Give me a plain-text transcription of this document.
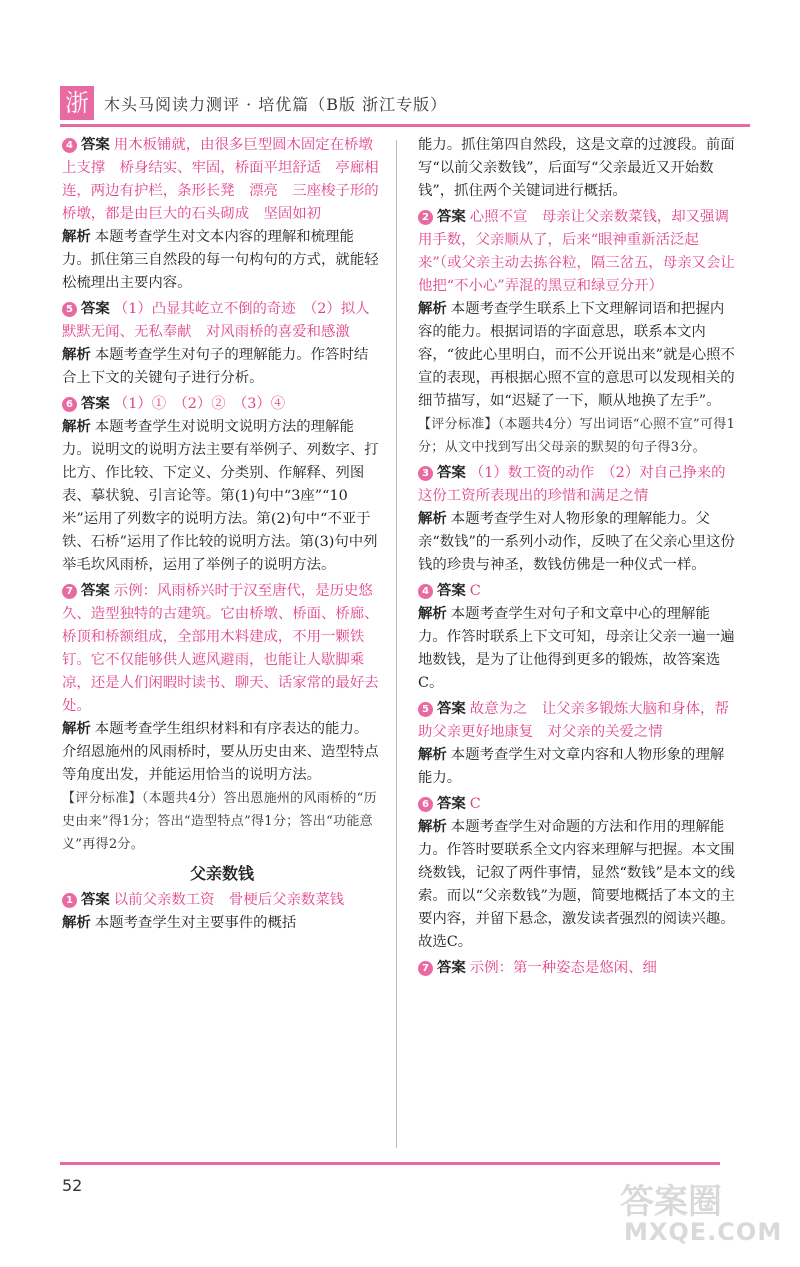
浙 木头马阅读力测评 · 培优篇（B版 浙江专版）
4 答案 用木板铺就，由很多巨型圆木固定在桥墩上支撑　桥身结实、牢固，桥面平坦舒适　亭廊相连，两边有护栏，条形长凳　漂亮　三座梭子形的桥墩，都是由巨大的石头砌成　坚固如初
解析 本题考查学生对文本内容的理解和梳理能力。抓住第三自然段的每一句构句的方式，就能轻松梳理出主要内容。
5 答案 （1）凸显其屹立不倒的奇迹　（2）拟人　默默无闻、无私奉献　对风雨桥的喜爱和感激
解析 本题考查学生对句子的理解能力。作答时结合上下文的关键句子进行分析。
6 答案 （1）①　（2）②　（3）④
解析 本题考查学生对说明文说明方法的理解能力。说明文的说明方法主要有举例子、列数字、打比方、作比较、下定义、分类别、作解释、列图表、摹状貌、引言论等。第(1)句中“3座”“10米”运用了列数字的说明方法。第(2)句中“不亚于铁、石桥”运用了作比较的说明方法。第(3)句中列举毛坎风雨桥，运用了举例子的说明方法。
7 答案 示例：风雨桥兴时于汉至唐代，是历史悠久、造型独特的古建筑。它由桥墩、桥面、桥廊、桥顶和桥额组成，全部用木料建成，不用一颗铁钉。它不仅能够供人遮风避雨，也能让人歇脚乘凉，还是人们闲暇时读书、聊天、话家常的最好去处。
解析 本题考查学生组织材料和有序表达的能力。介绍恩施州的风雨桥时，要从历史由来、造型特点等角度出发，并能运用恰当的说明方法。
【评分标准】（本题共4分）答出恩施州的风雨桥的“历史由来”得1分；答出“造型特点”得1分；答出“功能意义”再得2分。
父亲数钱
1 答案 以前父亲数工资　骨梗后父亲数菜钱
解析 本题考查学生对主要事件的概括
能力。抓住第四自然段，这是文章的过渡段。前面写“以前父亲数钱”，后面写“父亲最近又开始数钱”，抓住两个关键词进行概括。
2 答案 心照不宣　母亲让父亲数菜钱，却又强调用手数，父亲顺从了，后来“眼神重新活泛起来”（或父亲主动去拣谷粒，隔三岔五，母亲又会让他把“不小心”弄混的黑豆和绿豆分开）
解析 本题考查学生联系上下文理解词语和把握内容的能力。根据词语的字面意思，联系本文内容，“彼此心里明白，而不公开说出来”就是心照不宣的表现，再根据心照不宣的意思可以发现相关的细节描写，如“迟疑了一下，顺从地换了左手”。
【评分标准】（本题共4分）写出词语“心照不宣”可得1分；从文中找到写出父母亲的默契的句子得3分。
3 答案 （1）数工资的动作　（2）对自己挣来的这份工资所表现出的珍惜和满足之情
解析 本题考查学生对人物形象的理解能力。父亲“数钱”的一系列小动作，反映了在父亲心里这份钱的珍贵与神圣，数钱仿佛是一种仪式一样。
4 答案 C
解析 本题考查学生对句子和文章中心的理解能力。作答时联系上下文可知，母亲让父亲一遍一遍地数钱，是为了让他得到更多的锻炼，故答案选C。
5 答案 故意为之　让父亲多锻炼大脑和身体，帮助父亲更好地康复　对父亲的关爱之情
解析 本题考查学生对文章内容和人物形象的理解能力。
6 答案 C
解析 本题考查学生对命题的方法和作用的理解能力。作答时要联系全文内容来理解与把握。本文围绕数钱，记叙了两件事情，显然“数钱”是本文的线索。而以“父亲数钱”为题，简要地概括了本文的主要内容，并留下悬念，激发读者强烈的阅读兴趣。故选C。
7 答案 示例：第一种姿态是悠闲、细
52	答案圈
MXQE.COM
